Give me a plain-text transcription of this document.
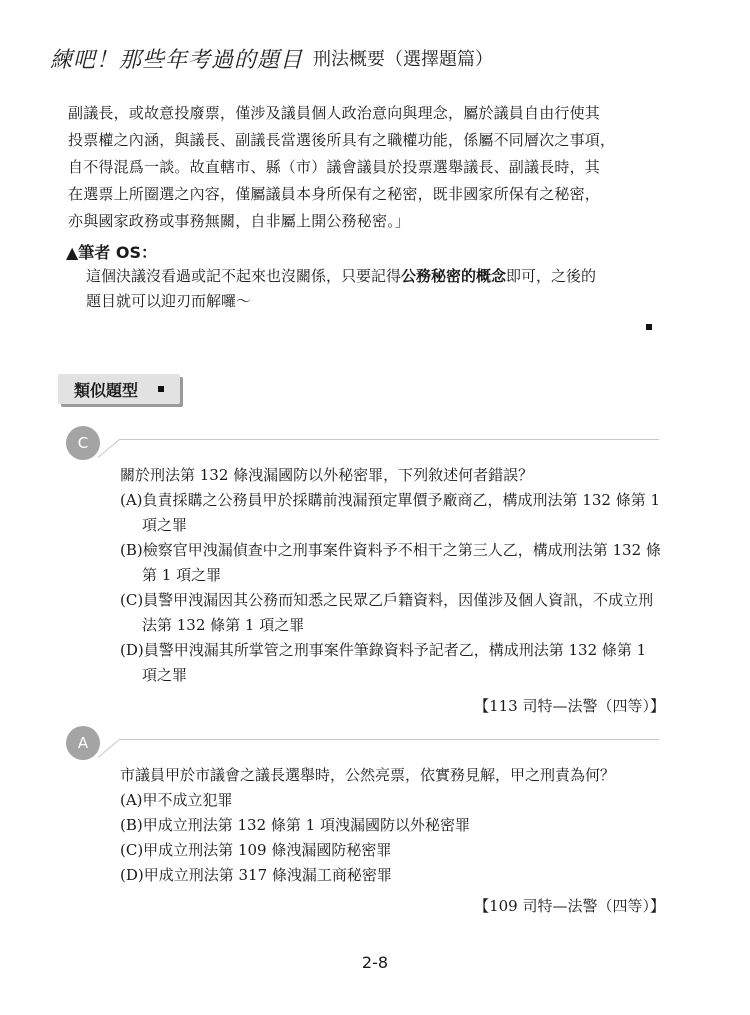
練吧！那些年考過的題目 刑法概要（選擇題篇）

副議長，或故意投廢票，僅涉及議員個人政治意向與理念，屬於議員自由行使其

投票權之內涵，與議長、副議長當選後所具有之職權功能，係屬不同層次之事項，

自不得混爲一談。故直轄市、縣（市）議會議員於投票選舉議長、副議長時，其

在選票上所圈選之內容，僅屬議員本身所保有之秘密，既非國家所保有之秘密，

亦與國家政務或事務無關，自非屬上開公務秘密。」

▲筆者 OS：

這個決議沒看過或記不起來也沒關係，只要記得公務秘密的概念即可，之後的

題目就可以迎刃而解囉～

類似題型
C

關於刑法第 132 條洩漏國防以外秘密罪，下列敘述何者錯誤？

(A)負責採購之公務員甲於採購前洩漏預定單價予廠商乙，構成刑法第 132 條第 1 項之罪

(B)檢察官甲洩漏偵查中之刑事案件資料予不相干之第三人乙，構成刑法第 132 條第 1 項之罪

(C)員警甲洩漏因其公務而知悉之民眾乙戶籍資料，因僅涉及個人資訊，不成立刑法第 132 條第 1 項之罪

(D)員警甲洩漏其所掌管之刑事案件筆錄資料予記者乙，構成刑法第 132 條第 1 項之罪

【113 司特—法警（四等）】

A

市議員甲於市議會之議長選舉時，公然亮票，依實務見解，甲之刑責為何？

(A)甲不成立犯罪

(B)甲成立刑法第 132 條第 1 項洩漏國防以外秘密罪

(C)甲成立刑法第 109 條洩漏國防秘密罪

(D)甲成立刑法第 317 條洩漏工商秘密罪

【109 司特—法警（四等）】

2-8
